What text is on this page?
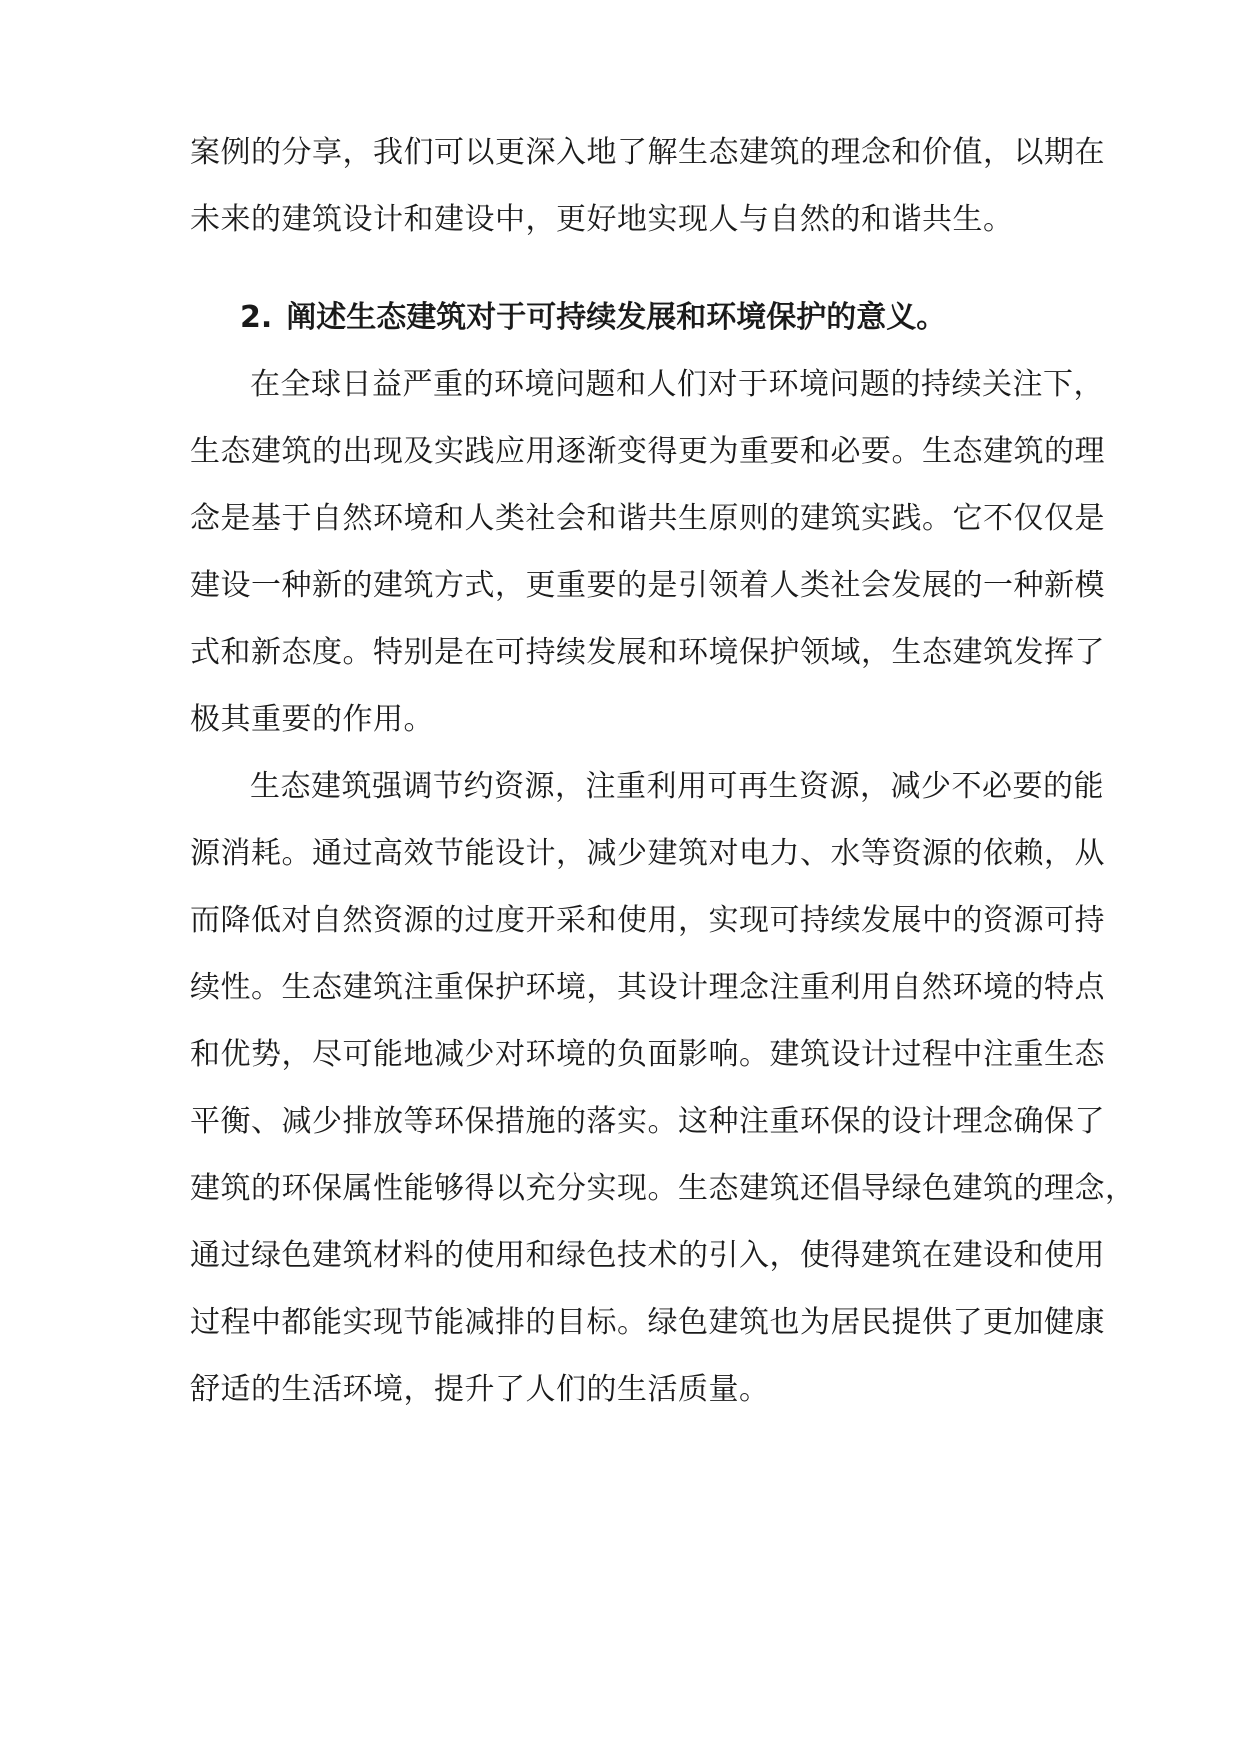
案例的分享，我们可以更深入地了解生态建筑的理念和价值，以期在
未来的建筑设计和建设中，更好地实现人与自然的和谐共生。
2. 阐述生态建筑对于可持续发展和环境保护的意义。
在全球日益严重的环境问题和人们对于环境问题的持续关注下，
生态建筑的出现及实践应用逐渐变得更为重要和必要。生态建筑的理
念是基于自然环境和人类社会和谐共生原则的建筑实践。它不仅仅是
建设一种新的建筑方式，更重要的是引领着人类社会发展的一种新模
式和新态度。特别是在可持续发展和环境保护领域，生态建筑发挥了
极其重要的作用。
生态建筑强调节约资源，注重利用可再生资源，减少不必要的能
源消耗。通过高效节能设计，减少建筑对电力、水等资源的依赖，从
而降低对自然资源的过度开采和使用，实现可持续发展中的资源可持
续性。生态建筑注重保护环境，其设计理念注重利用自然环境的特点
和优势，尽可能地减少对环境的负面影响。建筑设计过程中注重生态
平衡、减少排放等环保措施的落实。这种注重环保的设计理念确保了
建筑的环保属性能够得以充分实现。生态建筑还倡导绿色建筑的理念，
通过绿色建筑材料的使用和绿色技术的引入，使得建筑在建设和使用
过程中都能实现节能减排的目标。绿色建筑也为居民提供了更加健康
舒适的生活环境，提升了人们的生活质量。
